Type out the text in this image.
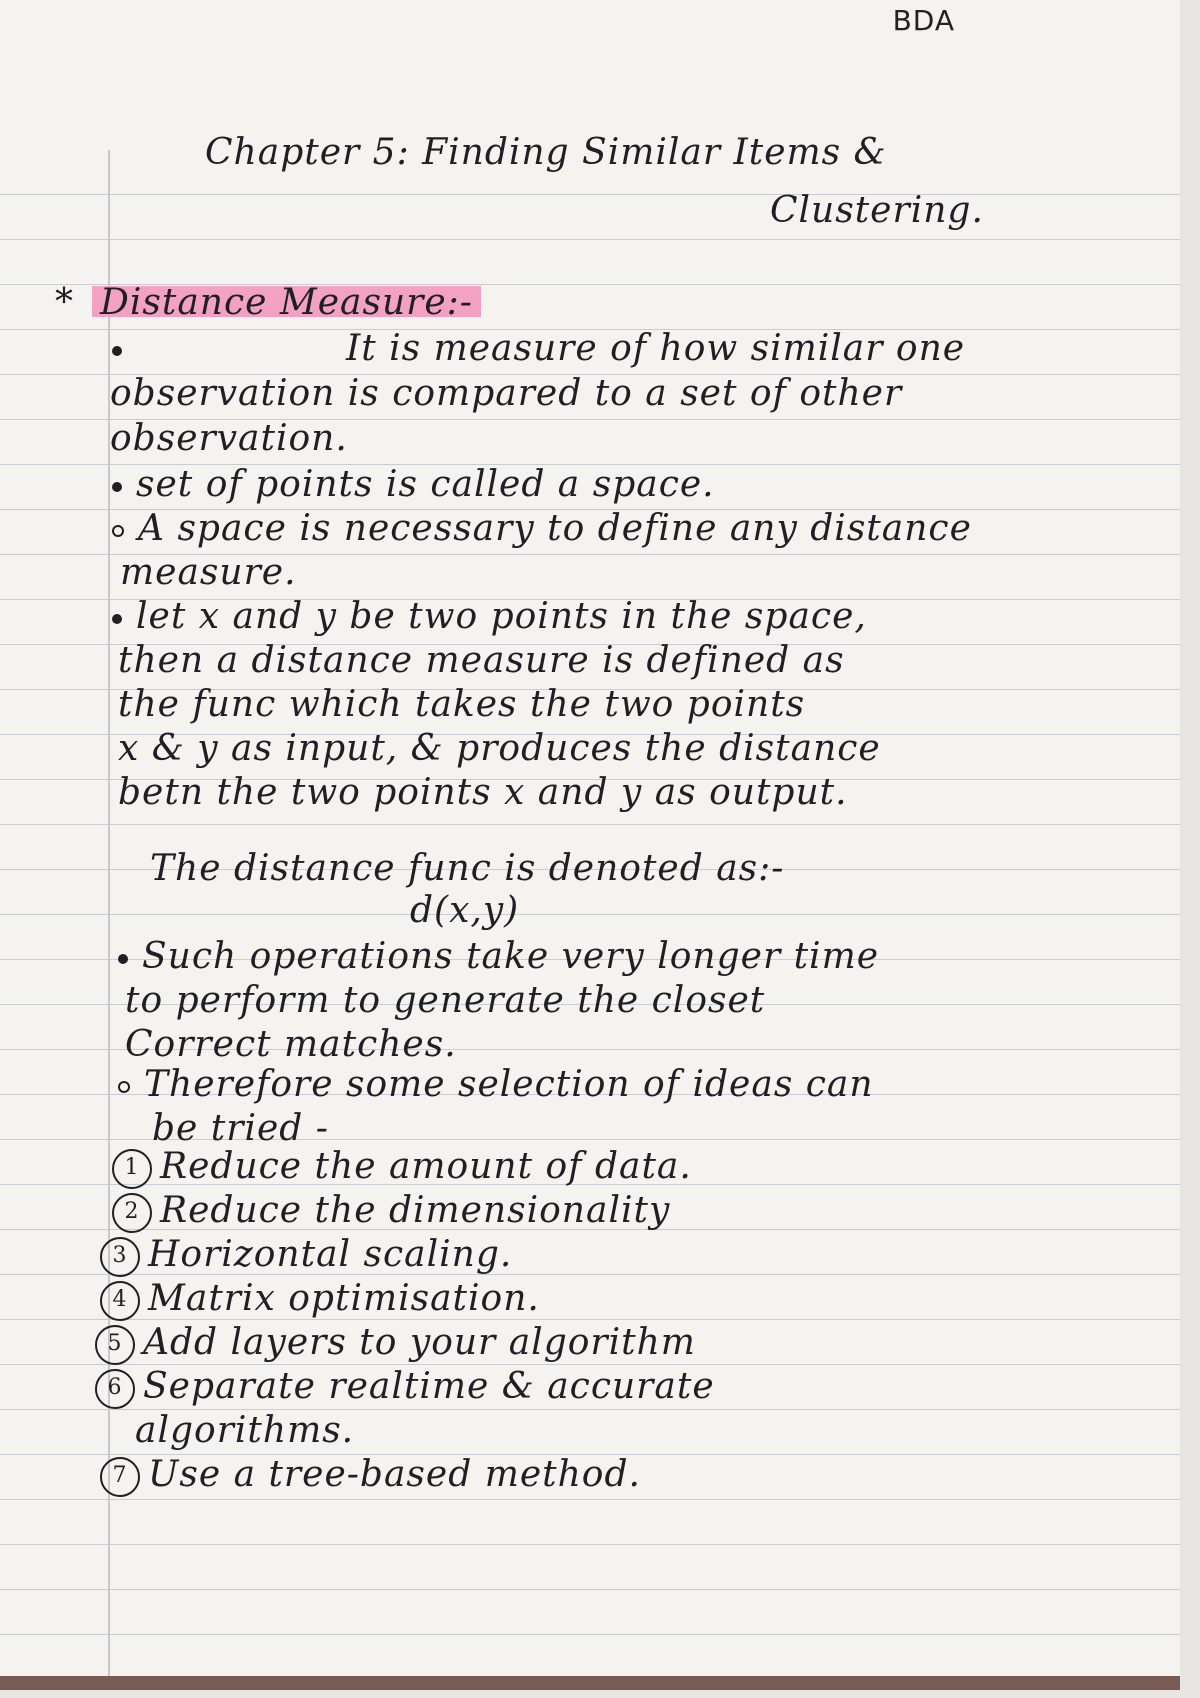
BDA
Chapter 5: Finding Similar Items &
Clustering.
* Distance Measure:-
It is measure of how similar one
observation is compared to a set of other
observation.
set of points is called a space.
A space is necessary to define any distance
measure.
let x and y be two points in the space,
then a distance measure is defined as
the func which takes the two points
x & y as input, & produces the distance
betn the two points x and y as output.
The distance func is denoted as:-
d(x,y)
Such operations take very longer time
to perform to generate the closet
Correct matches.
Therefore some selection of ideas can
be tried -
1 Reduce the amount of data.
2 Reduce the dimensionality
3 Horizontal scaling.
4 Matrix optimisation.
5 Add layers to your algorithm
6 Separate realtime & accurate
algorithms.
7 Use a tree-based method.
